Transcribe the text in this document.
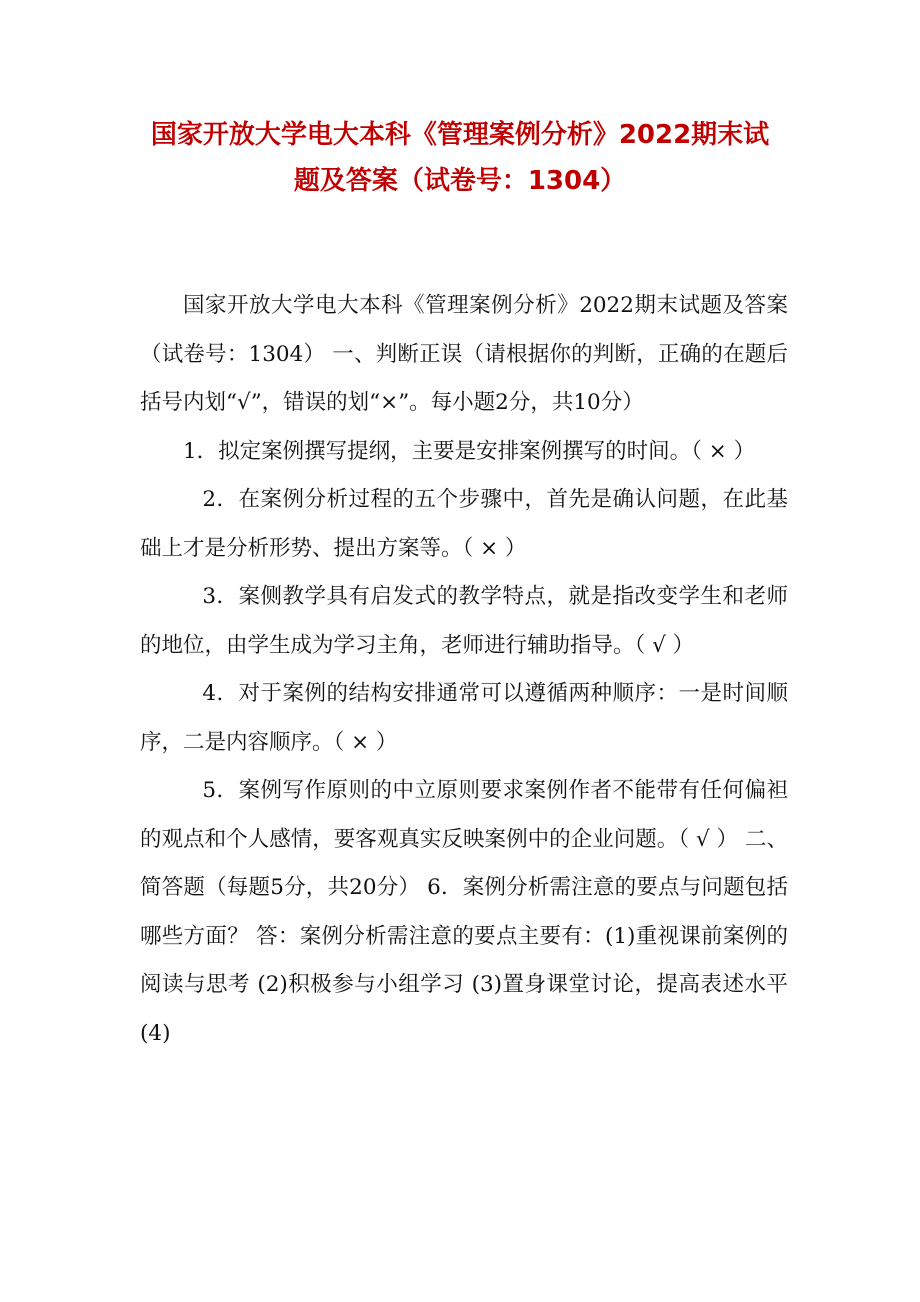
国家开放大学电大本科《管理案例分析》2022期末试
题及答案（试卷号：1304）

国家开放大学电大本科《管理案例分析》2022期末试题及答案（试卷号：1304） 一、判断正误（请根据你的判断，正确的在题后括号内划“√”，错误的划“×”。每小题2分，共10分）

1．拟定案例撰写提纲，主要是安排案例撰写的时间。（ × ）

2．在案例分析过程的五个步骤中，首先是确认问题，在此基础上才是分析形势、提出方案等。（ × ）

3．案侧教学具有启发式的教学特点，就是指改变学生和老师的地位，由学生成为学习主角，老师进行辅助指导。（ √ ）

4．对于案例的结构安排通常可以遵循两种顺序：一是时间顺序，二是内容顺序。（ × ）

5．案例写作原则的中立原则要求案例作者不能带有任何偏袒的观点和个人感情，要客观真实反映案例中的企业问题。（ √ ） 二、简答题（每题5分，共20分） 6．案例分析需注意的要点与问题包括哪些方面？ 答：案例分析需注意的要点主要有：(1)重视课前案例的阅读与思考 (2)积极参与小组学习 (3)置身课堂讨论，提高表述水平 (4)
